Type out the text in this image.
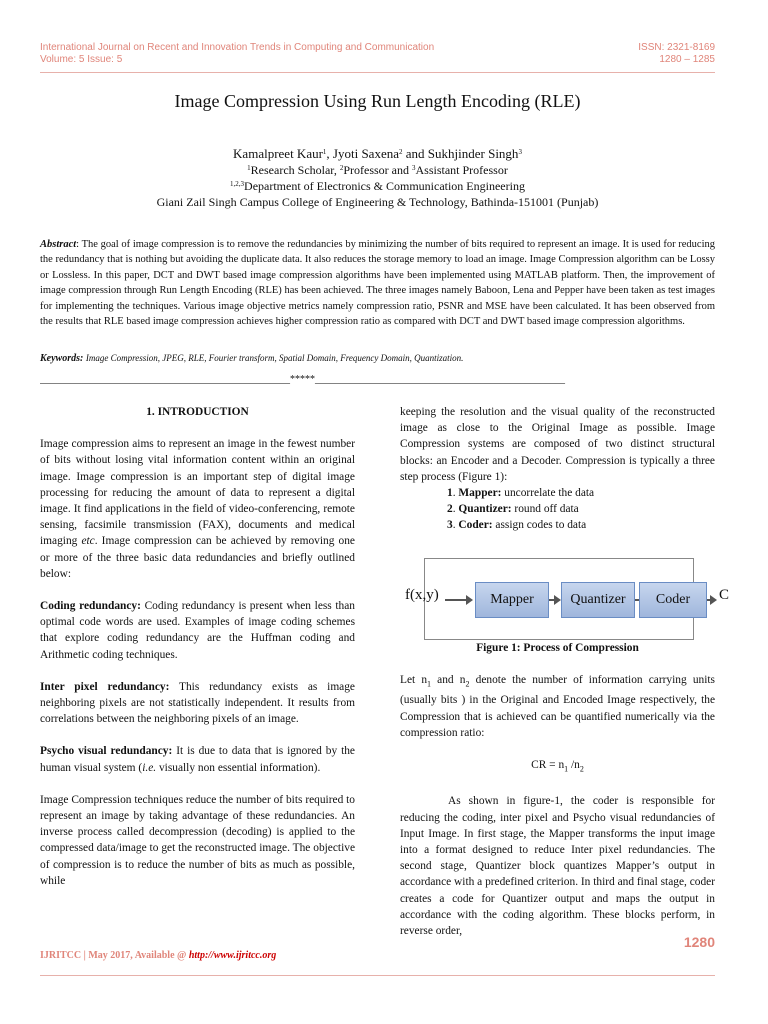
International Journal on Recent and Innovation Trends in Computing and Communication
Volume: 5 Issue: 5
ISSN: 2321-8169
1280 – 1285
Image Compression Using Run Length Encoding (RLE)
Kamalpreet Kaur$^1$, Jyoti Saxena$^2$ and Sukhjinder Singh$^3$
$^1$Research Scholar, $^2$Professor and $^3$Assistant Professor
$^{1,2,3}$Department of Electronics & Communication Engineering
Giani Zail Singh Campus College of Engineering & Technology, Bathinda-151001 (Punjab)
Abstract: The goal of image compression is to remove the redundancies by minimizing the number of bits required to represent an image. It is used for reducing the redundancy that is nothing but avoiding the duplicate data. It also reduces the storage memory to load an image. Image Compression algorithm can be Lossy or Lossless. In this paper, DCT and DWT based image compression algorithms have been implemented using MATLAB platform. Then, the improvement of image compression through Run Length Encoding (RLE) has been achieved. The three images namely Baboon, Lena and Pepper have been taken as test images for implementing the techniques. Various image objective metrics namely compression ratio, PSNR and MSE have been calculated. It has been observed from the results that RLE based image compression achieves higher compression ratio as compared with DCT and DWT based image compression algorithms.
Keywords: Image Compression, JPEG, RLE, Fourier transform, Spatial Domain, Frequency Domain, Quantization.
__________________________________________________*****__________________________________________________

1. INTRODUCTION

Image compression aims to represent an image in the fewest number of bits without losing vital information content within an original image. Image compression is an important step of digital image processing for reducing the amount of data to represent a digital image. It find applications in the field of video-conferencing, remote sensing, facsimile transmission (FAX), documents and medical imaging etc. Image compression can be achieved by removing one or more of the three basic data redundancies and briefly outlined below:

Coding redundancy: Coding redundancy is present when less than optimal code words are used. Examples of image coding schemes that explore coding redundancy are the Huffman coding and Arithmetic coding techniques.

Inter pixel redundancy: This redundancy exists as image neighboring pixels are not statistically independent. It results from correlations between the neighboring pixels of an image.

Psycho visual redundancy: It is due to data that is ignored by the human visual system (i.e. visually non essential information).

Image Compression techniques reduce the number of bits required to represent an image by taking advantage of these redundancies. An inverse process called decompression (decoding) is applied to the compressed data/image to get the reconstructed image. The objective of compression is to reduce the number of bits as much as possible, while

keeping the resolution and the visual quality of the reconstructed image as close to the Original Image as possible. Image Compression systems are composed of two distinct structural blocks: an Encoder and a Decoder. Compression is typically a three step process (Figure 1):

1. Mapper: uncorrelate the data
2. Quantizer: round off data
3. Coder: assign codes to data
f(x,y)	Mapper	Quantizer	Coder	C

Figure 1: Process of Compression

Let $n_1$ and $n_2$ denote the number of information carrying units (usually bits ) in the Original and Encoded Image respectively, the Compression that is achieved can be quantified numerically via the compression ratio:

CR = $n_1$ $/n_2$

As shown in figure-1, the coder is responsible for reducing the coding, inter pixel and Psycho visual redundancies of Input Image. In first stage, the Mapper transforms the input image into a format designed to reduce Inter pixel redundancies. The second stage, Quantizer block quantizes Mapper’s output in accordance with a predefined criterion. In third and final stage, coder creates a code for Quantizer output and maps the output in accordance with the coding algorithm. These blocks perform, in reverse order,

1280
IJRITCC | May 2017, Available @ http://www.ijritcc.org
